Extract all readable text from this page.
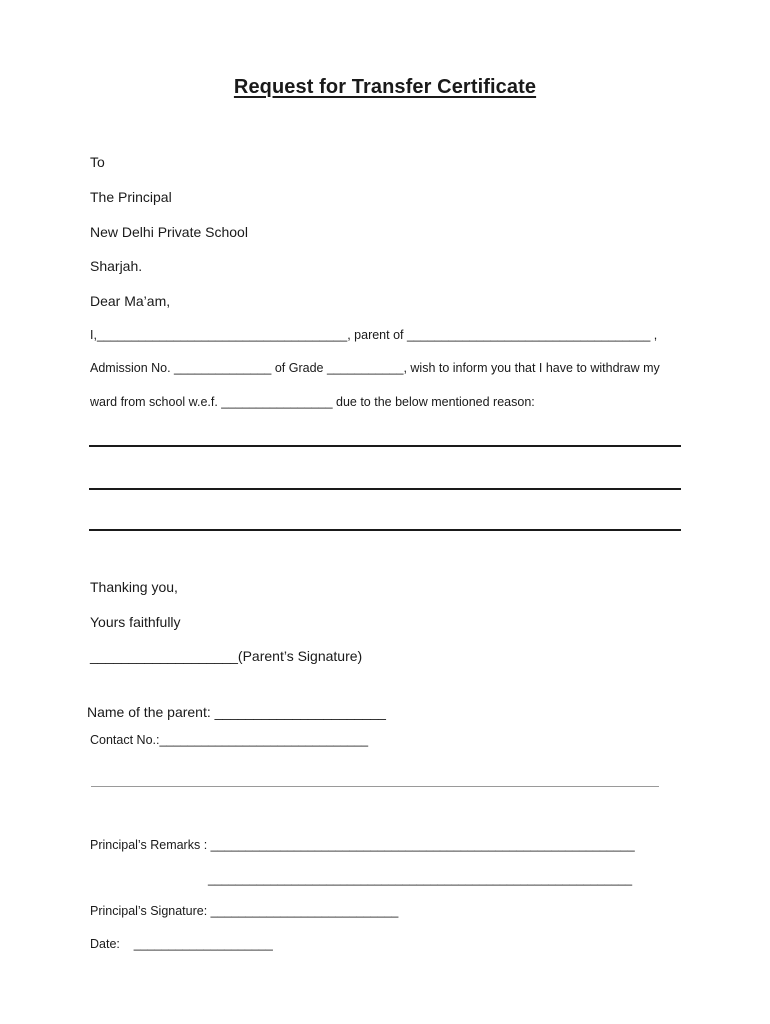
Request for Transfer Certificate
To
The Principal
New Delhi Private School
Sharjah.
Dear Ma’am,
I,____________________________________, parent of ___________________________________ ,
Admission No. ______________ of Grade ___________, wish to inform you that I have to withdraw my
ward from school w.e.f. ________________ due to the below mentioned reason:
Thanking you,
Yours faithfully
___________________(Parent’s Signature)
Name of the parent: ______________________
Contact No.:______________________________
Principal’s Remarks : _____________________________________________________________
_____________________________________________________________
Principal’s Signature: ___________________________
Date:    ____________________
